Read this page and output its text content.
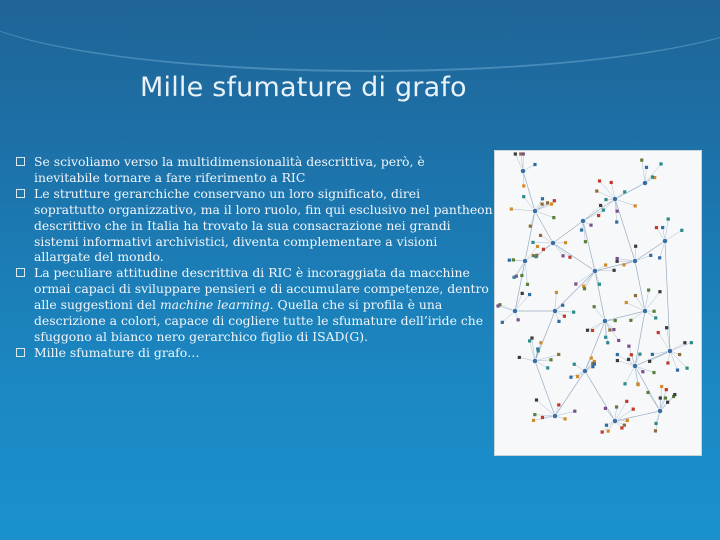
Mille sfumature di grafo
Se scivoliamo verso la multidimensionalità descrittiva, però, è inevitabile tornare a fare riferimento a RIC
Le strutture gerarchiche conservano un loro significato, direi soprattutto organizzativo, ma il loro ruolo, fin qui esclusivo nel pantheon descrittivo che in Italia ha trovato la sua consacrazione nei grandi sistemi informativi archivistici, diventa complementare a visioni allargate del mondo.
La peculiare attitudine descrittiva di RIC è incoraggiata da macchine ormai capaci di sviluppare pensieri e di accumulare competenze, dentro alle suggestioni del machine learning. Quella che si profila è una descrizione a colori, capace di cogliere tutte le sfumature dell’iride che sfuggono al bianco nero gerarchico figlio di ISAD(G).
Mille sfumature di grafo…
